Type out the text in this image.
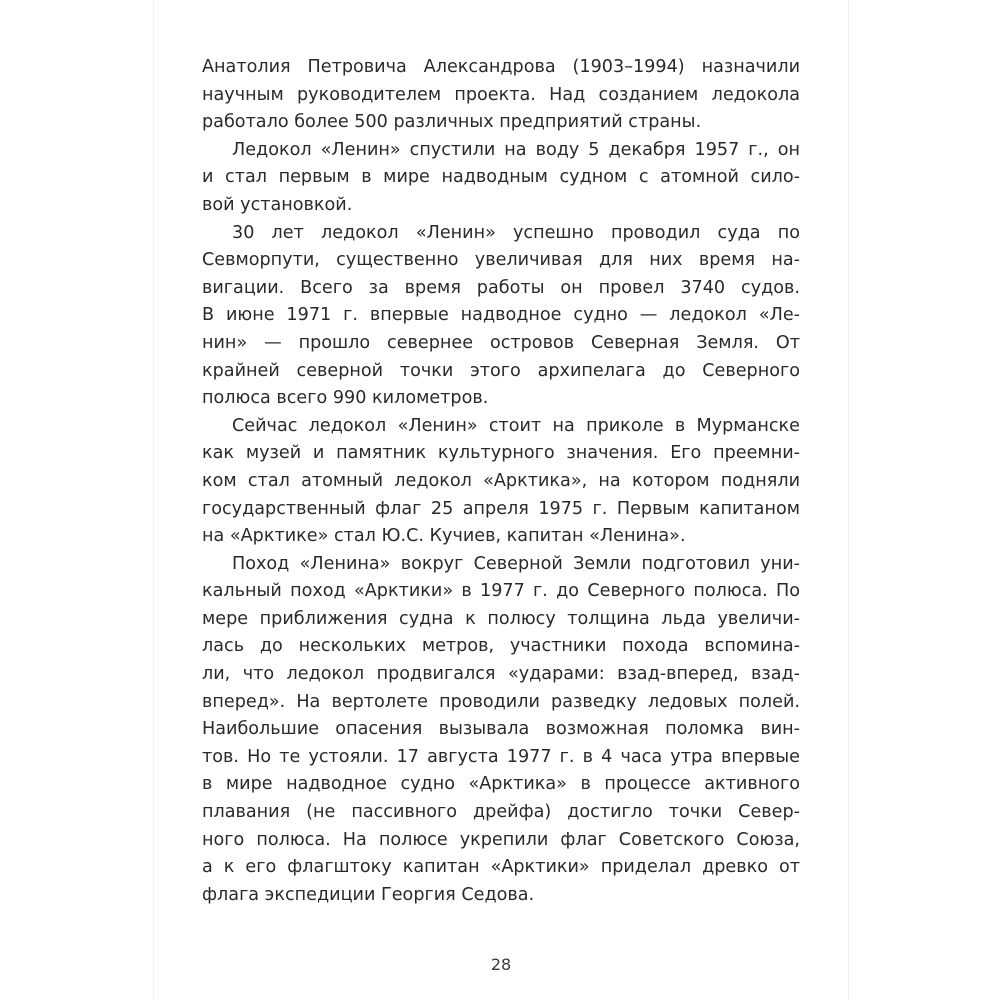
Анатолия Петровича Александрова (1903–1994) назначили
научным руководителем проекта. Над созданием ледокола
работало более 500 различных предприятий страны.
Ледокол «Ленин» спустили на воду 5 декабря 1957 г., он
и стал первым в мире надводным судном с атомной сило-
вой установкой.
30 лет ледокол «Ленин» успешно проводил суда по
Севморпути, существенно увеличивая для них время на-
вигации. Всего за время работы он провел 3740 судов.
В июне 1971 г. впервые надводное судно — ледокол «Ле-
нин» — прошло севернее островов Северная Земля. От
крайней северной точки этого архипелага до Северного
полюса всего 990 километров.
Сейчас ледокол «Ленин» стоит на приколе в Мурманске
как музей и памятник культурного значения. Его преемни-
ком стал атомный ледокол «Арктика», на котором подняли
государственный флаг 25 апреля 1975 г. Первым капитаном
на «Арктике» стал Ю.С. Кучиев, капитан «Ленина».
Поход «Ленина» вокруг Северной Земли подготовил уни-
кальный поход «Арктики» в 1977 г. до Северного полюса. По
мере приближения судна к полюсу толщина льда увеличи-
лась до нескольких метров, участники похода вспомина-
ли, что ледокол продвигался «ударами: взад-вперед, взад-
вперед». На вертолете проводили разведку ледовых полей.
Наибольшие опасения вызывала возможная поломка вин-
тов. Но те устояли. 17 августа 1977 г. в 4 часа утра впервые
в мире надводное судно «Арктика» в процессе активного
плавания (не пассивного дрейфа) достигло точки Север-
ного полюса. На полюсе укрепили флаг Советского Союза,
а к его флагштоку капитан «Арктики» приделал древко от
флага экспедиции Георгия Седова.
28
